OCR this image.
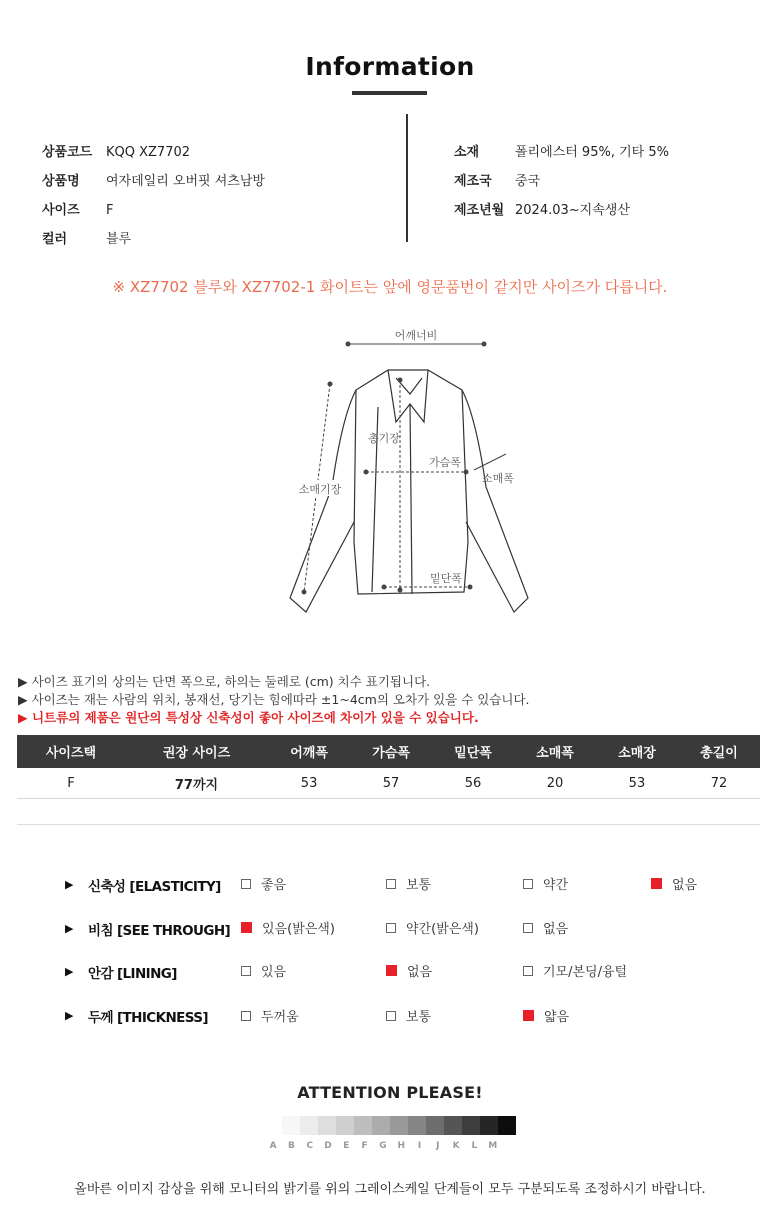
Information
상품코드 KQQ XZ7702
상품명 여자데일리 오버핏 셔츠남방
사이즈 F
컬러	블루
소재	폴리에스터 95%, 기타 5%
제조국 중국
제조년월 2024.03~지속생산
※ XZ7702 블루와 XZ7702-1 화이트는 앞에 영문품번이 같지만 사이즈가 다릅니다.
어깨너비
총기장
가슴폭
소매폭
소매기장
밑단폭
▶ 사이즈 표기의 상의는 단면 폭으로, 하의는 둘레로 (cm) 치수 표기됩니다.
▶ 사이즈는 재는 사람의 위치, 봉재선, 당기는 힘에따라 ±1~4cm의 오차가 있을 수 있습니다.
▶ 니트류의 제품은 원단의 특성상 신축성이 좋아 사이즈에 차이가 있을 수 있습니다.
사이즈택	권장 사이즈	어깨폭	가슴폭	밑단폭	소매폭	소매장	총길이
F	77까지	53	57	56	20	53	72
▶ 신축성 [ELASTICITY]	좋음	보통	약간	없음
▶ 비침 [SEE THROUGH] 있음(밝은색)	약간(밝은색)	없음
▶ 안감 [LINING]	있음	없음	기모/본딩/융털
▶ 두께 [THICKNESS]	두꺼움	보통	얇음
ATTENTION PLEASE!
A	B	C	D	E	F	G	H	I	J	K	L	M
올바른 이미지 감상을 위해 모니터의 밝기를 위의 그레이스케일 단계들이 모두 구분되도록 조정하시기 바랍니다.
